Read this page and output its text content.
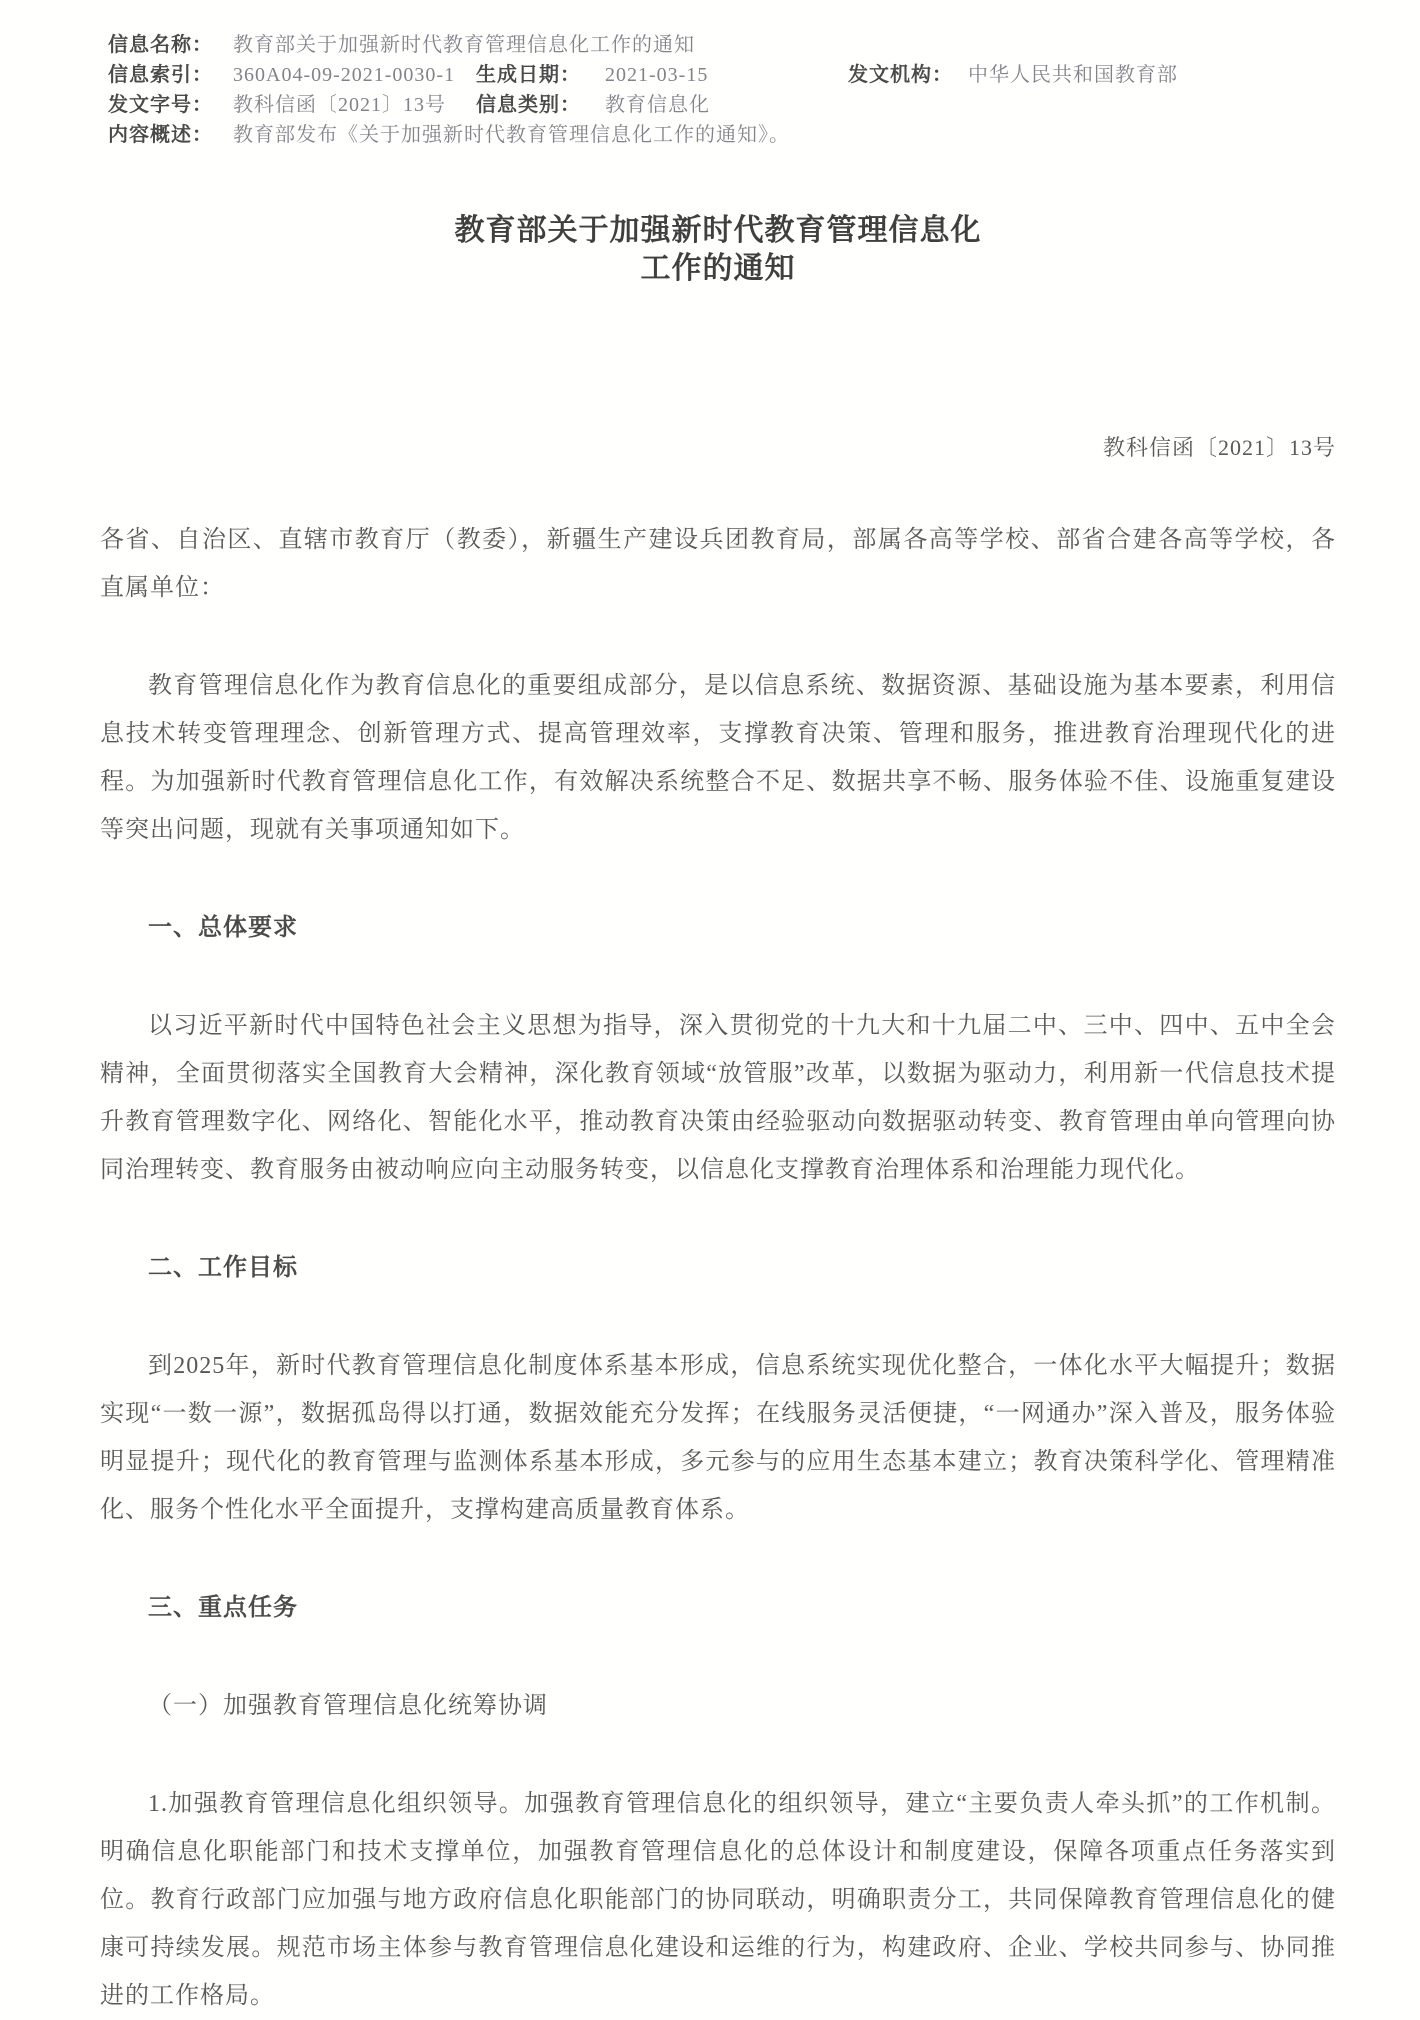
信息名称： 教育部关于加强新时代教育管理信息化工作的通知
信息索引： 360A04-09-2021-0030-1 生成日期： 2021-03-15	发文机构： 中华人民共和国教育部
发文字号： 教科信函〔2021〕13号 信息类别： 教育信息化
内容概述： 教育部发布《关于加强新时代教育管理信息化工作的通知》。
教育部关于加强新时代教育管理信息化
工作的通知
教科信函〔2021〕13号

各省、自治区、直辖市教育厅（教委），新疆生产建设兵团教育局，部属各高等学校、部省合建各高等学校，各直属单位：

教育管理信息化作为教育信息化的重要组成部分，是以信息系统、数据资源、基础设施为基本要素，利用信息技术转变管理理念、创新管理方式、提高管理效率，支撑教育决策、管理和服务，推进教育治理现代化的进程。为加强新时代教育管理信息化工作，有效解决系统整合不足、数据共享不畅、服务体验不佳、设施重复建设等突出问题，现就有关事项通知如下。

一、总体要求

以习近平新时代中国特色社会主义思想为指导，深入贯彻党的十九大和十九届二中、三中、四中、五中全会精神，全面贯彻落实全国教育大会精神，深化教育领域“放管服”改革，以数据为驱动力，利用新一代信息技术提升教育管理数字化、网络化、智能化水平，推动教育决策由经验驱动向数据驱动转变、教育管理由单向管理向协同治理转变、教育服务由被动响应向主动服务转变，以信息化支撑教育治理体系和治理能力现代化。

二、工作目标

到2025年，新时代教育管理信息化制度体系基本形成，信息系统实现优化整合，一体化水平大幅提升；数据实现“一数一源”，数据孤岛得以打通，数据效能充分发挥；在线服务灵活便捷，“一网通办”深入普及，服务体验明显提升；现代化的教育管理与监测体系基本形成，多元参与的应用生态基本建立；教育决策科学化、管理精准化、服务个性化水平全面提升，支撑构建高质量教育体系。

三、重点任务
（一）加强教育管理信息化统筹协调

1.加强教育管理信息化组织领导。加强教育管理信息化的组织领导，建立“主要负责人牵头抓”的工作机制。明确信息化职能部门和技术支撑单位，加强教育管理信息化的总体设计和制度建设，保障各项重点任务落实到位。教育行政部门应加强与地方政府信息化职能部门的协同联动，明确职责分工，共同保障教育管理信息化的健康可持续发展。规范市场主体参与教育管理信息化建设和运维的行为，构建政府、企业、学校共同参与、协同推进的工作格局。
